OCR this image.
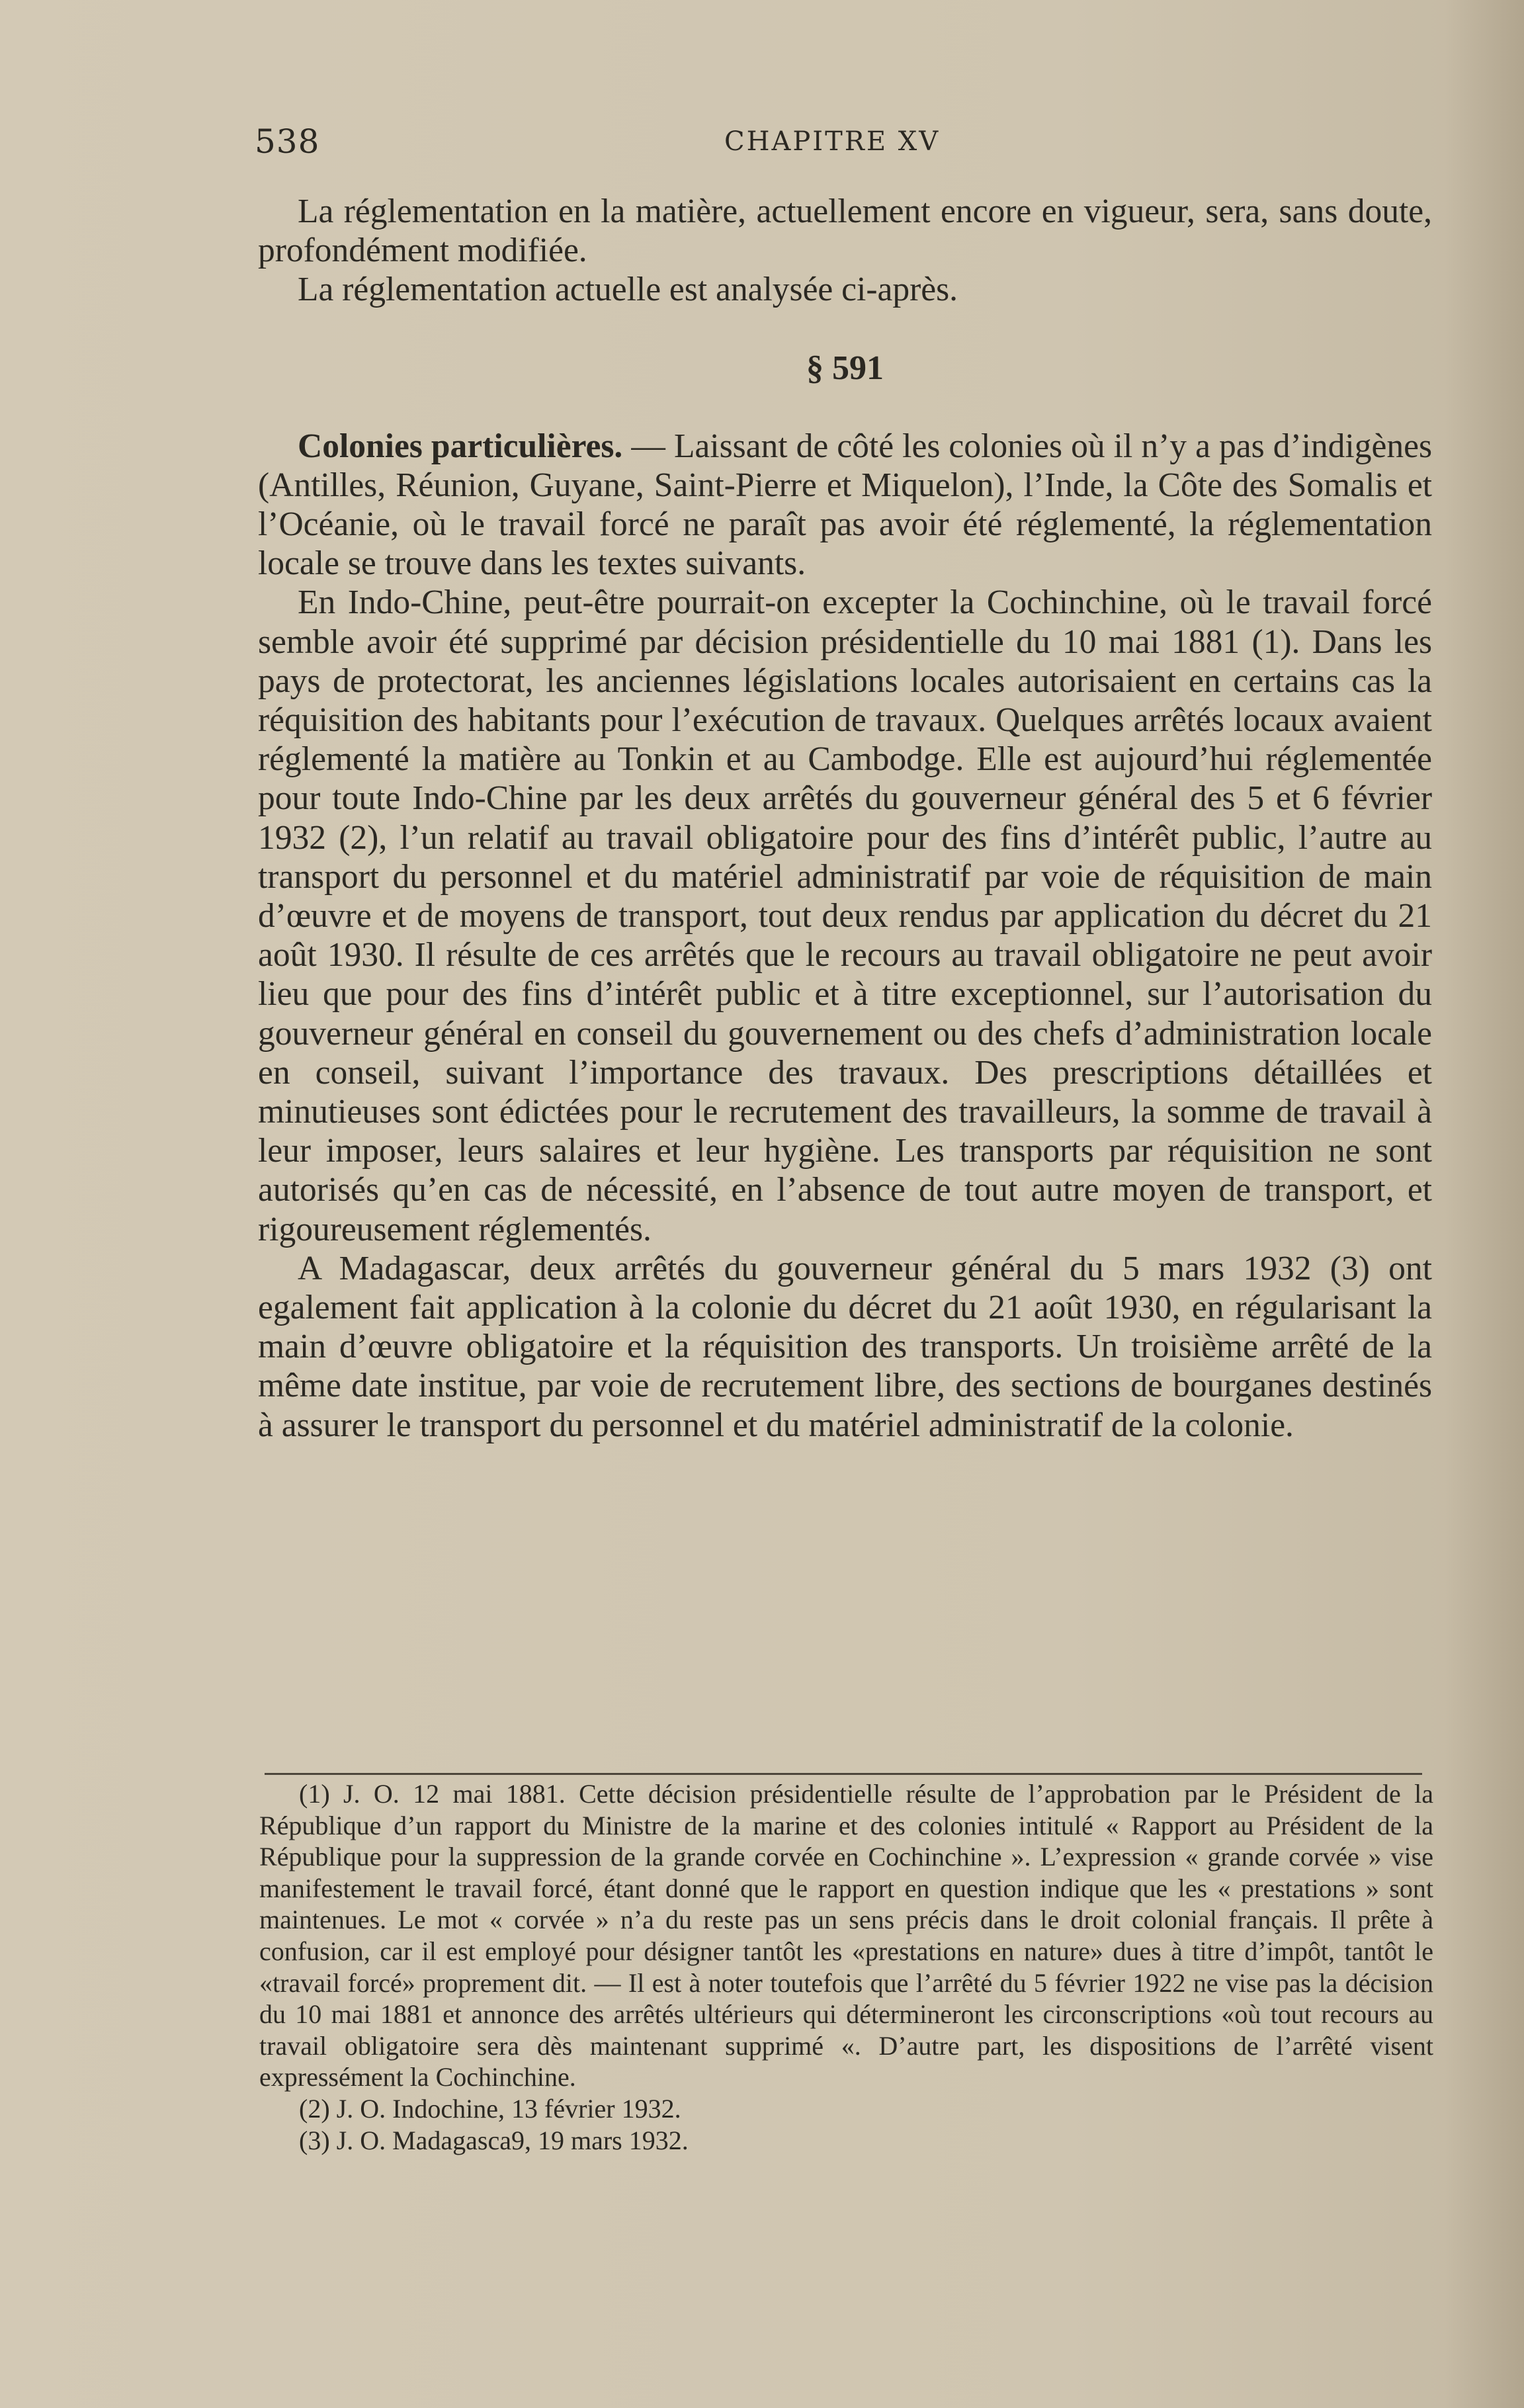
538	CHAPITRE XV

La réglementation en la matière, actuellement encore en vigueur, sera, sans doute, profondément modifiée.

La réglementation actuelle est analysée ci-après.

§ 591

Colonies particulières. — Laissant de côté les colonies où il n’y a pas d’indigènes (Antilles, Réunion, Guyane, Saint-Pierre et Miquelon), l’Inde, la Côte des Somalis et l’Océanie, où le travail forcé ne paraît pas avoir été réglementé, la réglementation locale se trouve dans les textes suivants.

En Indo-Chine, peut-être pourrait-on excepter la Cochinchine, où le travail forcé semble avoir été supprimé par décision présidentielle du 10 mai 1881 (1). Dans les pays de protectorat, les anciennes législations locales autorisaient en certains cas la réquisition des habitants pour l’exécution de travaux. Quelques arrêtés locaux avaient réglementé la matière au Tonkin et au Cambodge. Elle est aujourd’hui réglementée pour toute Indo-Chine par les deux arrêtés du gouverneur général des 5 et 6 février 1932 (2), l’un relatif au travail obligatoire pour des fins d’intérêt public, l’autre au transport du personnel et du matériel administratif par voie de réquisition de main d’œuvre et de moyens de transport, tout deux rendus par application du décret du 21 août 1930. Il résulte de ces arrêtés que le recours au travail obligatoire ne peut avoir lieu que pour des fins d’intérêt public et à titre exceptionnel, sur l’autorisation du gouverneur général en conseil du gouvernement ou des chefs d’administration locale en conseil, suivant l’importance des travaux. Des prescriptions détaillées et minutieuses sont édictées pour le recrutement des travailleurs, la somme de travail à leur imposer, leurs salaires et leur hygiène. Les transports par réquisition ne sont autorisés qu’en cas de nécessité, en l’absence de tout autre moyen de transport, et rigoureusement réglementés.

A Madagascar, deux arrêtés du gouverneur général du 5 mars 1932 (3) ont egalement fait application à la colonie du décret du 21 août 1930, en régularisant la main d’œuvre obligatoire et la réquisition des transports. Un troisième arrêté de la même date institue, par voie de recrutement libre, des sections de bourganes destinés à assurer le transport du personnel et du matériel administratif de la colonie.

(1) J. O. 12 mai 1881. Cette décision présidentielle résulte de l’approbation par le Président de la République d’un rapport du Ministre de la marine et des colonies intitulé « Rapport au Président de la République pour la suppression de la grande corvée en Cochinchine ». L’expression « grande corvée » vise manifestement le travail forcé, étant donné que le rapport en question indique que les « prestations » sont maintenues. Le mot « corvée » n’a du reste pas un sens précis dans le droit colonial français. Il prête à confusion, car il est employé pour désigner tantôt les «prestations en nature» dues à titre d’impôt, tantôt le «travail forcé» proprement dit. — Il est à noter toutefois que l’arrêté du 5 février 1922 ne vise pas la décision du 10 mai 1881 et annonce des arrêtés ultérieurs qui détermineront les circonscriptions «où tout recours au travail obligatoire sera dès maintenant supprimé «. D’autre part, les dispositions de l’arrêté visent expressément la Cochinchine.

(2) J. O. Indochine, 13 février 1932.

(3) J. O. Madagasca9, 19 mars 1932.
